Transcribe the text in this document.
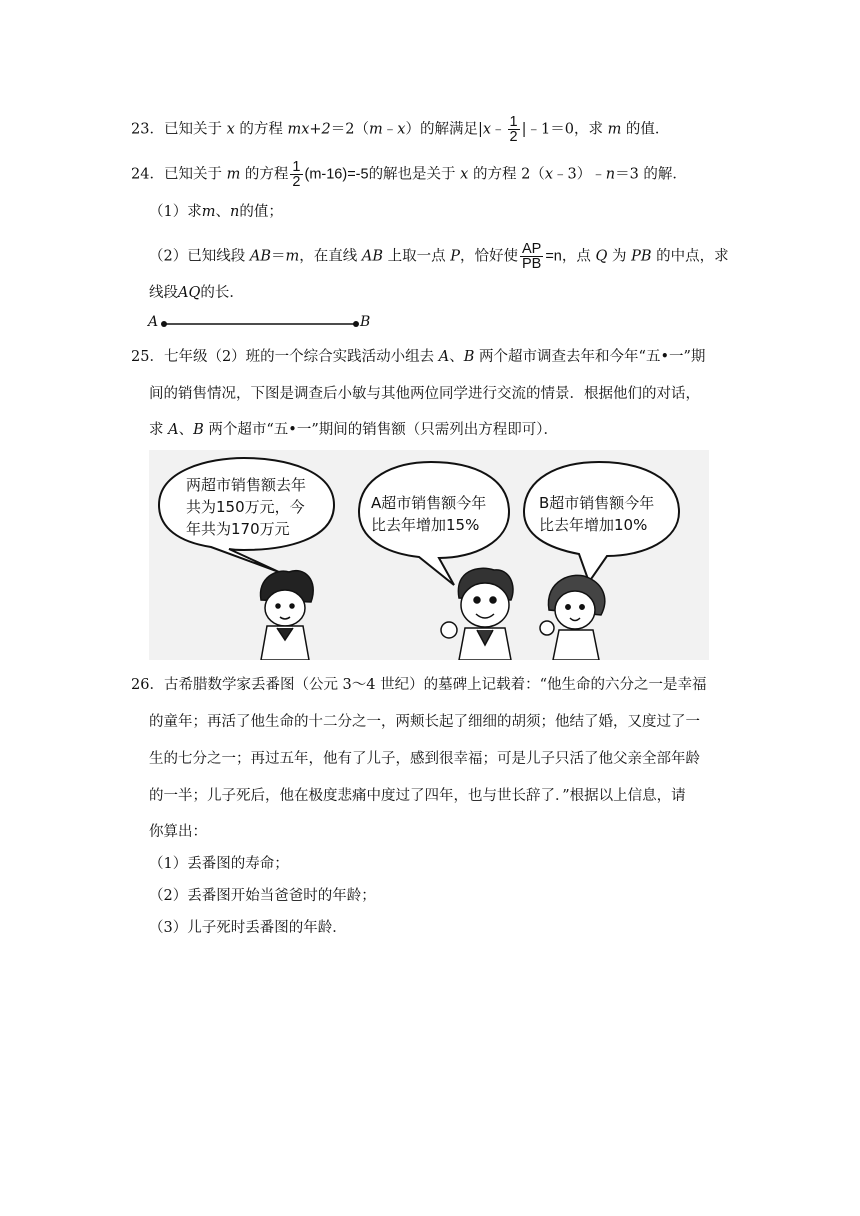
23．已知关于 x 的方程 mx+2＝2（m﹣x）的解满足|x﹣ $\frac{1}{2}$ |﹣1＝0，求 m 的值．
24．已知关于 m 的方程 $\frac{1}{2} (m-16)=-5$的解也是关于 x 的方程 2（x﹣3）﹣n＝3 的解．
（1）求m、n的值；
（2）已知线段 AB＝m，在直线 AB 上取一点 P，恰好使 $\frac{AP}{PB} =n$，点 Q 为 PB 的中点，求
线段AQ的长．
A	B
25．七年级（2）班的一个综合实践活动小组去 A、B 两个超市调查去年和今年“五•一”期
间的销售情况，下图是调查后小敏与其他两位同学进行交流的情景．根据他们的对话，
求 A、B 两个超市“五•一”期间的销售额（只需列出方程即可）．
两超市销售额去年
共为150万元，今
年共为170万元
A超市销售额今年
比去年增加15%
B超市销售额今年
比去年增加10%
26．古希腊数学家丢番图（公元 3～4 世纪）的墓碑上记载着：“他生命的六分之一是幸福
的童年；再活了他生命的十二分之一，两颊长起了细细的胡须；他结了婚，又度过了一
生的七分之一；再过五年，他有了儿子，感到很幸福；可是儿子只活了他父亲全部年龄
的一半；儿子死后，他在极度悲痛中度过了四年，也与世长辞了．”根据以上信息，请
你算出：
（1）丢番图的寿命；
（2）丢番图开始当爸爸时的年龄；
（3）儿子死时丢番图的年龄．
